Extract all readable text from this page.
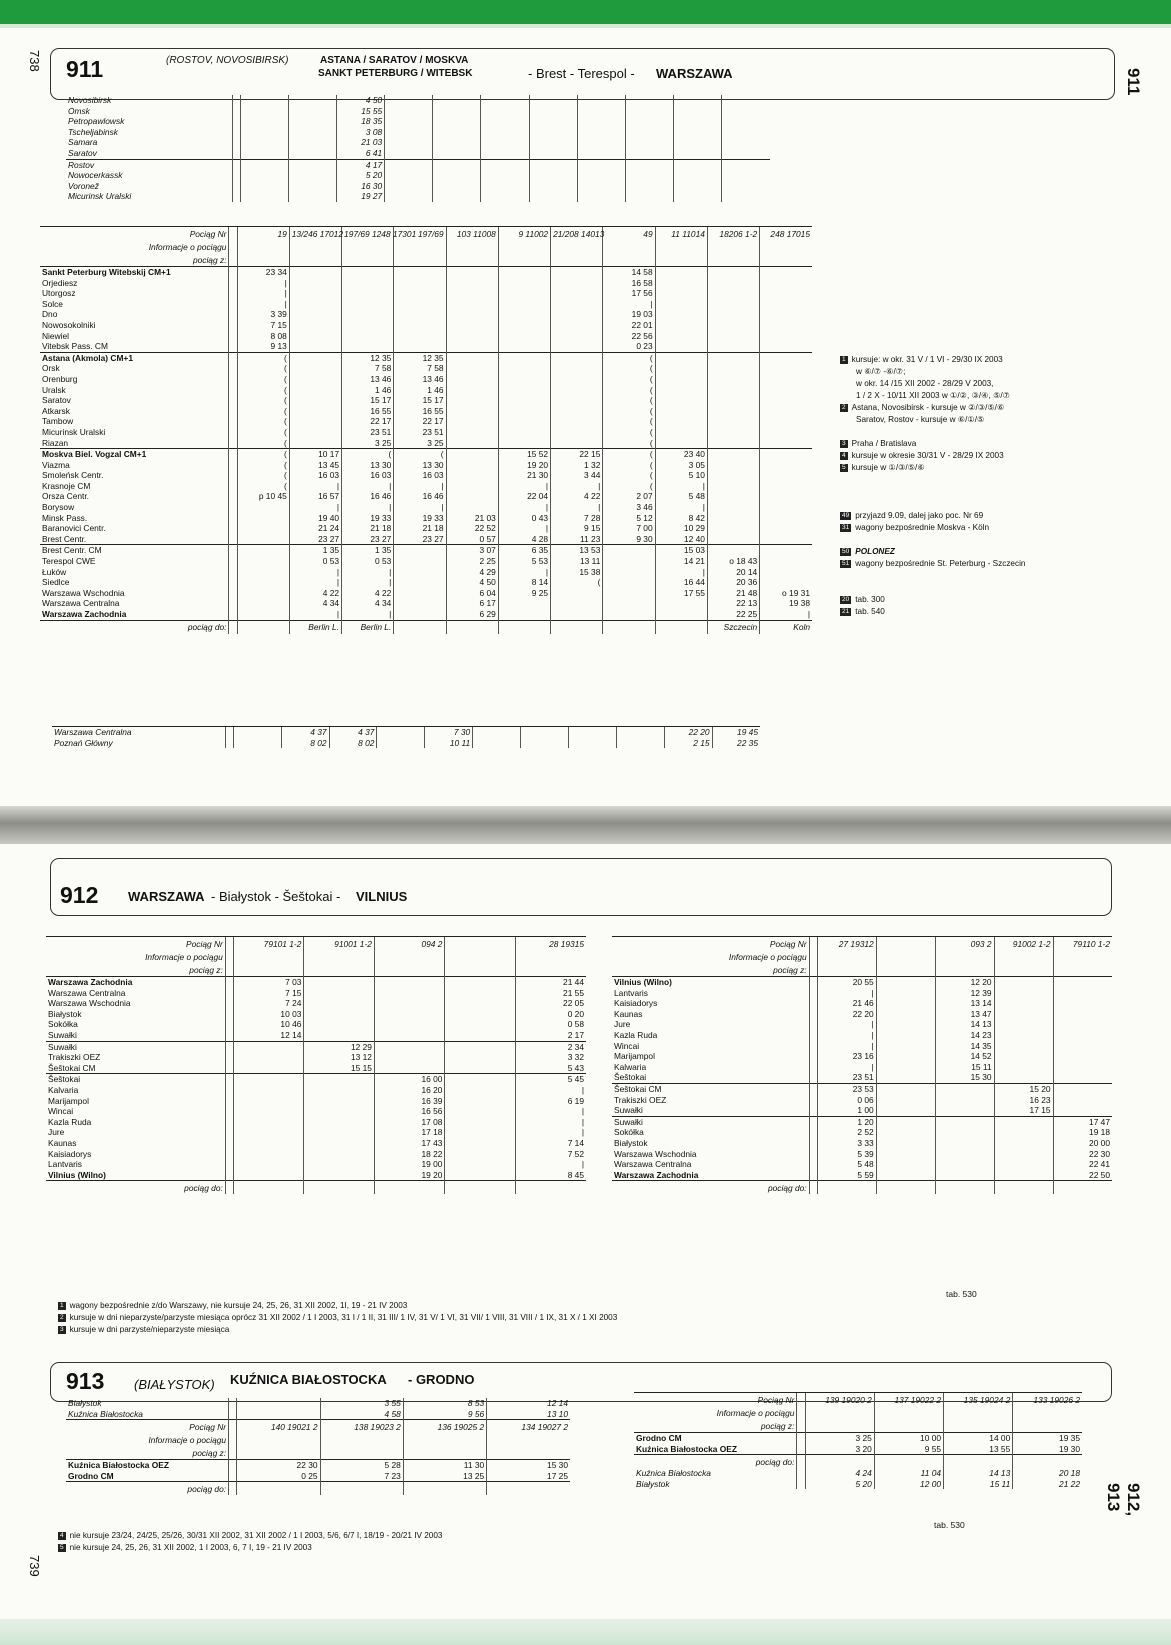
738
739
911
912, 913
911	(ROSTOV, NOVOSIBIRSK)	ASTANA / SARATOV / MOSKVA
SANKT PETERBURG / WITEBSK	- Brest - Terespol - WARSZAWA
Novosibirsk				4 50								
Omsk				15 55								
Petropawlowsk				18 35								
Tscheljabinsk				3 08								
Samara				21 03								
Saratov				6 41								
Rostov				4 17								
Nowocerkassk				5 20								
Voronež				16 30								
Micurinsk Uralski				19 27								
Pociąg Nr		19	13/246 17012	197/69 1248 17301	197/69	103 11008	9 11002	21/208 14013	49	11 11014	18206 1-2	248 17015
Informacje o pociągu												
pociąg z:												
Sankt Peterburg Witebskij CM+1		23 34							14 58			
Orjediesz		|							16 58			
Utorgosz		|							17 56			
Solce		|							|			
Dno		3 39							19 03			
Nowosokolniki		7 15							22 01			
Niewiel		8 08							22 56			
Vitebsk Pass. CM		9 13							0 23			
Astana (Akmola) CM+1		(		12 35	12 35				(			
Orsk		(		7 58	7 58				(			
Orenburg		(		13 46	13 46				(			
Uralsk		(		1 46	1 46				(			
Saratov		(		15 17	15 17				(			
Atkarsk		(		16 55	16 55				(			
Tambow		(		22 17	22 17				(			
Micurinsk Uralski		(		23 51	23 51				(			
Riazan		(		3 25	3 25				(			
Moskva Biel. Vogzal CM+1		(	10 17	(	(		15 52	22 15	(	23 40		
Viazma		(	13 45	13 30	13 30		19 20	1 32	(	3 05		
Smoleńsk Centr.		(	16 03	16 03	16 03		21 30	3 44	(	5 10		
Krasnoje CM		(	|	|	|		|	|	(	|		
Orsza Centr.		p 10 45	16 57	16 46	16 46		22 04	4 22	2 07	5 48		
Borysow			|	|	|		|	|	3 46	|		
Minsk Pass.			19 40	19 33	19 33	21 03	0 43	7 28	5 12	8 42		
Baranovici Centr.			21 24	21 18	21 18	22 52	|	9 15	7 00	10 29		
Brest Centr.			23 27	23 27	23 27	0 57	4 28	11 23	9 30	12 40		
Brest Centr. CM			1 35	1 35		3 07	6 35	13 53		15 03		
Terespol CWE			0 53	0 53		2 25	5 53	13 11		14 21	o 18 43	
Łuków			|	|		4 29	|	15 38		|	20 14	
Siedlce			|	|		4 50	8 14	(		16 44	20 36	
Warszawa Wschodnia			4 22	4 22		6 04	9 25			17 55	21 48	o 19 31
Warszawa Centralna			4 34	4 34		6 17					22 13	19 38
Warszawa Zachodnia			|	|		6 29					22 25	|
pociąg do:			Berlin L.	Berlin L.							Szczecin	Koln
Warszawa Centralna			4 37	4 37		7 30					22 20	19 45
Poznań Główny			8 02	8 02		10 11					2 15	22 35
1 kursuje: w okr. 31 V / 1 VI - 29/30 IX 2003
w ⑥/⑦ -⑥/⑦;
w okr. 14 /15 XII 2002 - 28/29 V 2003,
1 / 2 X - 10/11 XII 2003 w ①/②, ③/④, ⑤/⑦
2 Astana, Novosibirsk - kursuje w ②/③/⑤/⑥
Saratov, Rostov - kursuje w ⑥/①/⑤
3 Praha / Bratislava
4 kursuje w okresie 30/31 V - 28/29 IX 2003
5 kursuje w ①/③/⑤/⑥
49 przyjazd 9.09, dalej jako poc. Nr 69
31 wagony bezpośrednie Moskva - Köln
50 POLONEZ
51 wagony bezpośrednie St. Peterburg - Szczecin
20 tab. 300
21 tab. 540
912 WARSZAWA - Białystok - Šeštokai - VILNIUS
Pociąg Nr		79101 1-2	91001 1-2	094 2		28 19315
Informacje o pociągu						
pociąg z:						
Warszawa Zachodnia		7 03				21 44
Warszawa Centralna		7 15				21 55
Warszawa Wschodnia		7 24				22 05
Białystok		10 03				0 20
Sokółka		10 46				0 58
Suwałki		12 14				2 17
Suwałki			12 29			2 34
Trakiszki OEZ			13 12			3 32
Šeštokai CM			15 15			5 43
Šeštokai				16 00		5 45
Kalvaria				16 20		|
Marijampol				16 39		6 19
Wincai				16 56		|
Kazla Ruda				17 08		|
Jure				17 18		|
Kaunas				17 43		7 14
Kaisiadorys				18 22		7 52
Lantvaris				19 00		|
Vilnius (Wilno)				19 20		8 45
pociąg do:						
Pociąg Nr		27 19312		093 2	91002 1-2	79110 1-2
Informacje o pociągu						
pociąg z:						
Vilnius (Wilno)		20 55		12 20		
Lantvaris		|		12 39		
Kaisiadorys		21 46		13 14		
Kaunas		22 20		13 47		
Jure		|		14 13		
Kazla Ruda		|		14 23		
Wincai		|		14 35		
Marijampol		23 16		14 52		
Kalwaria		|		15 11		
Šeštokai		23 51		15 30		
Šeštokai CM		23 53			15 20	
Trakiszki OEZ		0 06			16 23	
Suwałki		1 00			17 15	
Suwałki		1 20				17 47
Sokółka		2 52				19 18
Białystok		3 33				20 00
Warszawa Wschodnia		5 39				22 30
Warszawa Centralna		5 48				22 41
Warszawa Zachodnia		5 59				22 50
pociąg do:						
tab. 530
1 wagony bezpośrednie z/do Warszawy, nie kursuje 24, 25, 26, 31 XII 2002, 1I, 19 - 21 IV 2003
2 kursuje w dni nieparzyste/parzyste miesiąca oprócz 31 XII 2002 / 1 I 2003, 31 I / 1 II, 31 III/ 1 IV, 31 V/ 1 VI, 31 VII/ 1 VIII, 31 VIII / 1 IX, 31 X / 1 XI 2003
3 kursuje w dni parzyste/nieparzyste miesiąca
913 (BIAŁYSTOK) KUŹNICA BIAŁOSTOCKA - GRODNO
Białystok			3 55	8 53	12 14
Kuźnica Białostocka			4 58	9 56	13 10
Pociąg Nr		140 19021 2	138 19023 2	136 19025 2	134 19027 2
Informacje o pociągu					
pociąg z:					
Kuźnica Białostocka OEZ		22 30	5 28	11 30	15 30
Grodno CM		0 25	7 23	13 25	17 25
pociąg do:					
Pociąg Nr		139 19020 2	137 19022 2	135 19024 2	133 19026 2
Informacje o pociągu					
pociąg z:					
Grodno CM		3 25	10 00	14 00	19 35
Kuźnica Białostocka OEZ		3 20	9 55	13 55	19 30
pociąg do:					
Kuźnica Białostocka		4 24	11 04	14 13	20 18
Białystok		5 20	12 00	15 11	21 22
tab. 530
4 nie kursuje 23/24, 24/25, 25/26, 30/31 XII 2002, 31 XII 2002 / 1 I 2003, 5/6, 6/7 I, 18/19 - 20/21 IV 2003
5 nie kursuje 24, 25, 26, 31 XII 2002, 1 I 2003, 6, 7 I, 19 - 21 IV 2003
